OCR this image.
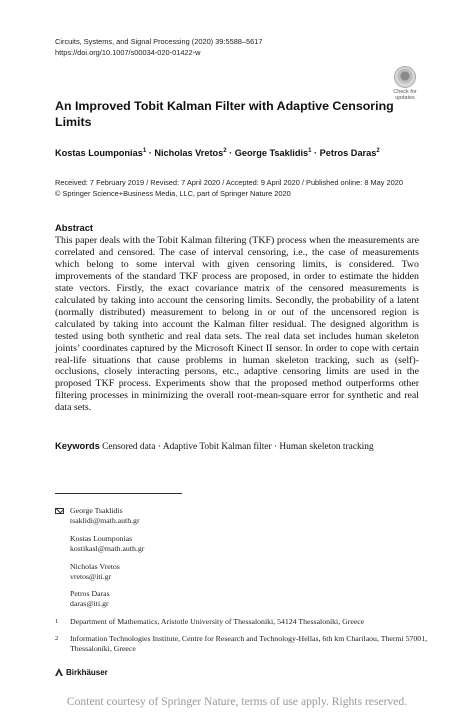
Circuits, Systems, and Signal Processing (2020) 39:5588–5617
https://doi.org/10.1007/s00034-020-01422-w
Check for
updates
An Improved Tobit Kalman Filter with Adaptive Censoring Limits
Kostas Loumponias$^1$ · Nicholas Vretos$^2$ · George Tsaklidis$^1$ · Petros Daras$^2$
Received: 7 February 2019 / Revised: 7 April 2020 / Accepted: 9 April 2020 / Published online: 8 May 2020
© Springer Science+Business Media, LLC, part of Springer Nature 2020
Abstract
This paper deals with the Tobit Kalman filtering (TKF) process when the measurements are correlated and censored. The case of interval censoring, i.e., the case of measurements which belong to some interval with given censoring limits, is considered. Two improvements of the standard TKF process are proposed, in order to estimate the hidden state vectors. Firstly, the exact covariance matrix of the censored measurements is calculated by taking into account the censoring limits. Secondly, the probability of a latent (normally distributed) measurement to belong in or out of the uncensored region is calculated by taking into account the Kalman filter residual. The designed algorithm is tested using both synthetic and real data sets. The real data set includes human skeleton joints’ coordinates captured by the Microsoft Kinect II sensor. In order to cope with certain real-life situations that cause problems in human skeleton tracking, such as (self)-occlusions, closely interacting persons, etc., adaptive censoring limits are used in the proposed TKF process. Experiments show that the proposed method outperforms other filtering processes in minimizing the overall root-mean-square error for synthetic and real data sets.
Keywords Censored data · Adaptive Tobit Kalman filter · Human skeleton tracking
George Tsaklidis
tsaklidi@math.auth.gr
Kostas Loumponias
kostikasl@math.auth.gr
Nicholas Vretos
vretos@iti.gr
Petros Daras
daras@iti.gr
1 Department of Mathematics, Aristotle University of Thessaloniki, 54124 Thessaloníki, Greece
2 Information Technologies Institute, Centre for Research and Technology-Hellas, 6th km Charilaou, Thermi 57001, Thessaloníki, Greece
Birkhäuser
Content courtesy of Springer Nature, terms of use apply. Rights reserved.
